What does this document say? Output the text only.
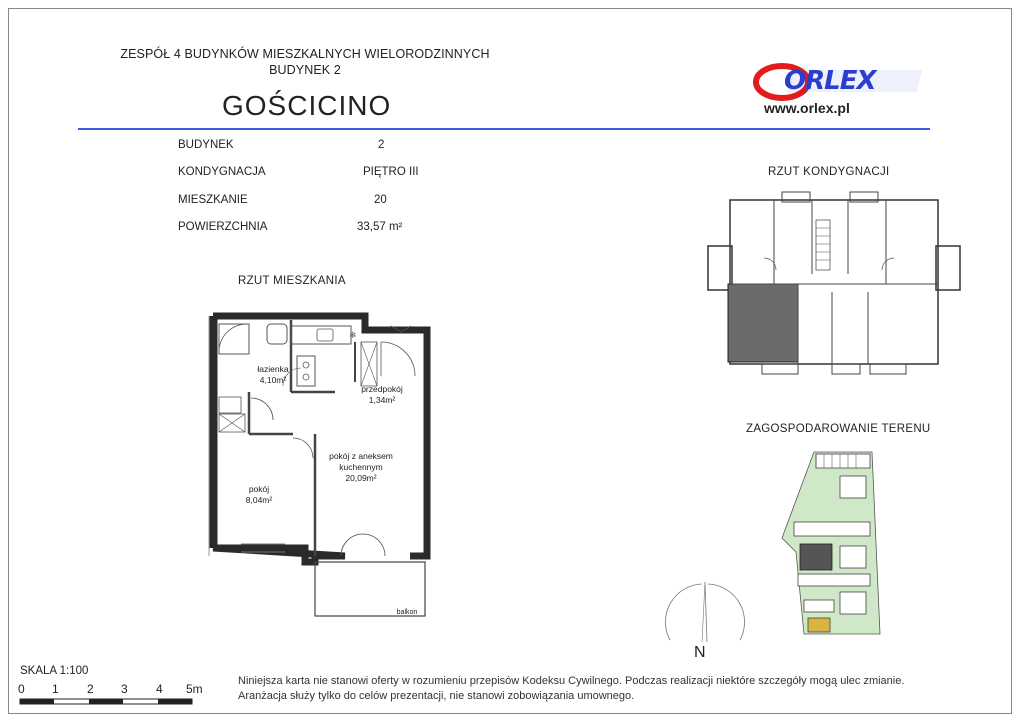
ZESPÓŁ 4 BUDYNKÓW MIESZKALNYCH WIELORODZINNYCH
BUDYNEK 2
GOŚCICINO
ORLEX
www.orlex.pl
BUDYNEK	2
KONDYGNACJA	PIĘTRO III
MIESZKANIE	20
POWIERZCHNIA	33,57 m²
RZUT MIESZKANIA
RZUT KONDYGNACJI
ZAGOSPODAROWANIE TERENU
❄
łazienka
4,10m²
przedpokój
1,34m²
pokój z aneksem kuchennym
20,09m²
pokój
8,04m²
balkon
N
SKALA 1:100
0 1 2 3 4 5m
Niniejsza karta nie stanowi oferty w rozumieniu przepisów Kodeksu Cywilnego. Podczas realizacji niektóre szczegóły mogą ulec zmianie.
Aranżacja służy tylko do celów prezentacji, nie stanowi zobowiązania umownego.
